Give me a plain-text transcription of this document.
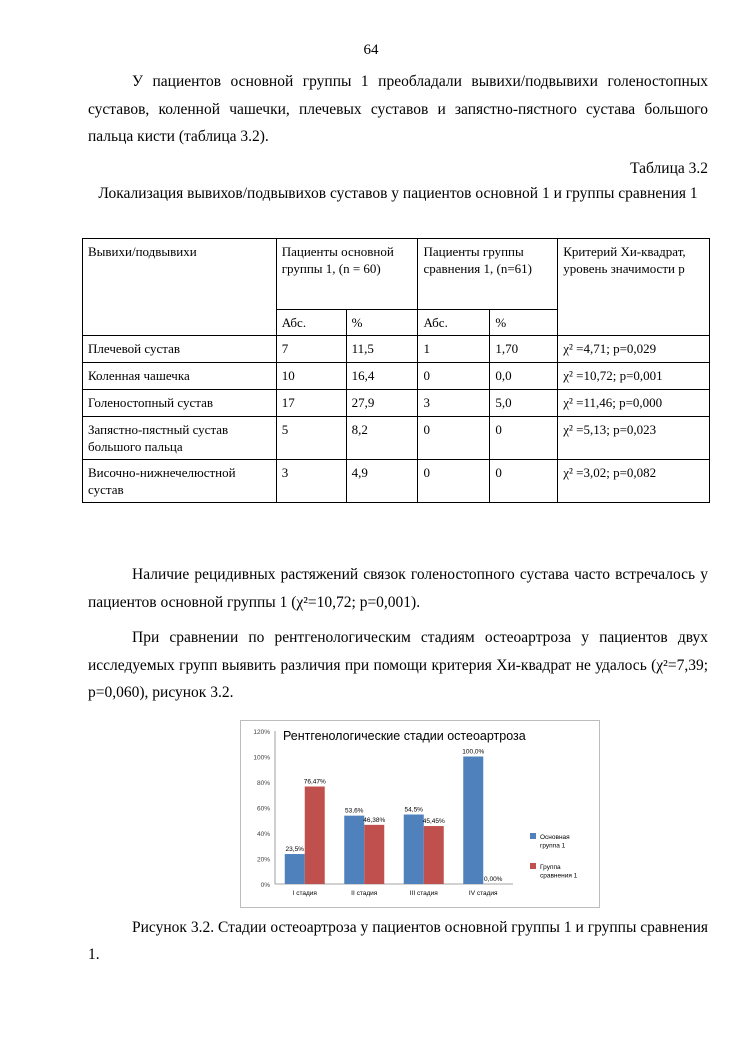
64
У пациентов основной группы 1 преобладали вывихи/подвывихи голеностопных суставов, коленной чашечки, плечевых суставов и запястно-пястного сустава большого пальца кисти (таблица 3.2).
Таблица 3.2
Локализация вывихов/подвывихов суставов у пациентов основной 1 и группы сравнения 1
Вывихи/подвывихи	Пациенты основной группы 1, (n = 60)		Пациенты группы сравнения 1, (n=61)		Критерий Хи-квадрат, уровень значимости р
	Абс.	%	Абс.	%	
Плечевой сустав	7	11,5	1	1,70	χ² =4,71; р=0,029
Коленная чашечка	10	16,4	0	0,0	χ² =10,72; р=0,001
Голеностопный сустав	17	27,9	3	5,0	χ² =11,46; р=0,000
Запястно-пястный сустав большого пальца	5	8,2	0	0	χ² =5,13; р=0,023
Височно-нижнечелюстной сустав	3	4,9	0	0	χ² =3,02; р=0,082
Наличие рецидивных растяжений связок голеностопного сустава часто встречалось у пациентов основной группы 1 (χ²=10,72; р=0,001).
При сравнении по рентгенологическим стадиям остеоартроза у пациентов двух исследуемых групп выявить различия при помощи критерия Хи-квадрат не удалось (χ²=7,39; р=0,060), рисунок 3.2.
Рентгенологические стадии остеоартроза
0%
20%
40%
60%
80%
100%
120%
23,5%
76,47%
I стадия
53,6%
46,38%
II стадия
54,5%
45,45%
III стадия
100,0%
0,00%
IV стадия
Основная
группа 1
Группа
сравнения 1
Рисунок 3.2. Стадии остеоартроза у пациентов основной группы 1 и группы сравнения 1.
